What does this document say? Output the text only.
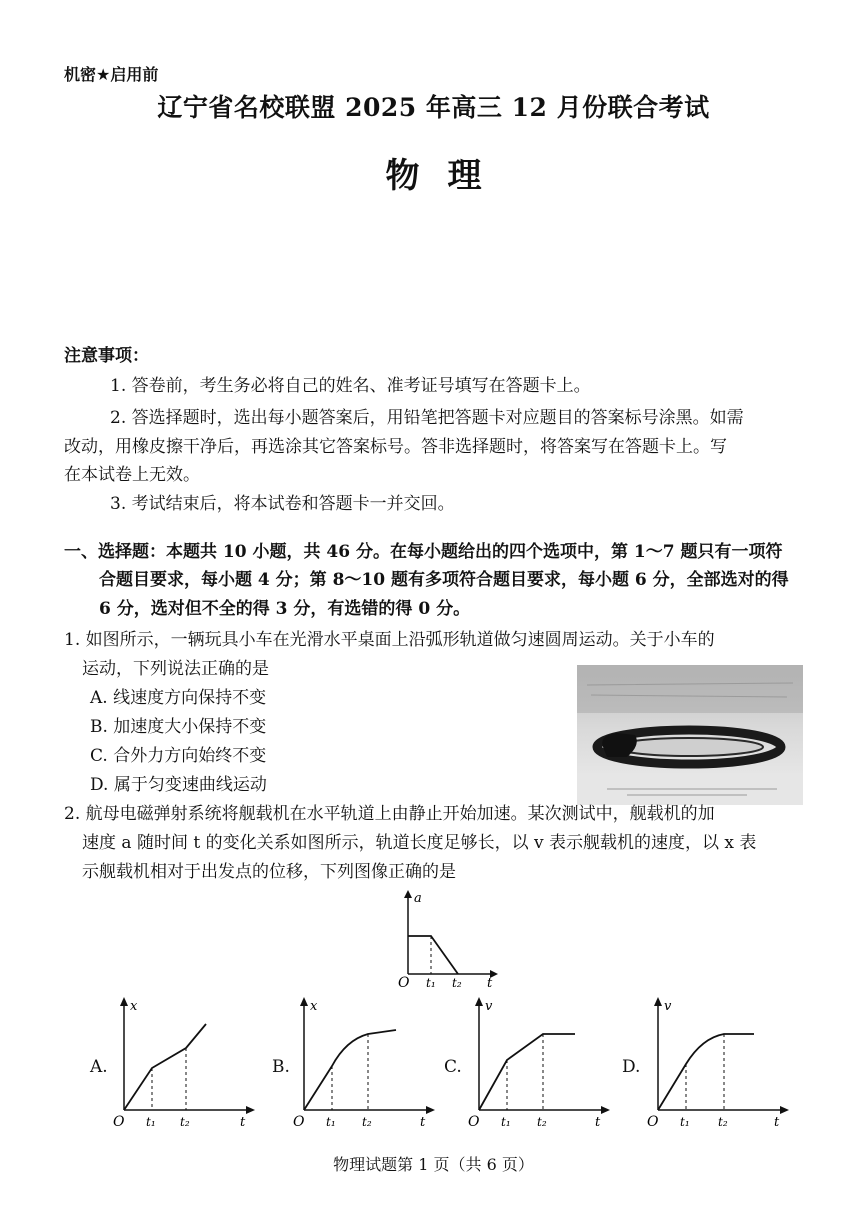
机密★启用前
辽宁省名校联盟 2025 年高三 12 月份联合考试
物理
注意事项：
1. 答卷前，考生务必将自己的姓名、准考证号填写在答题卡上。
2. 答选择题时，选出每小题答案后，用铅笔把答题卡对应题目的答案标号涂黑。如需
改动，用橡皮擦干净后，再选涂其它答案标号。答非选择题时，将答案写在答题卡上。写
在本试卷上无效。
3. 考试结束后，将本试卷和答题卡一并交回。
一、选择题：本题共 10 小题，共 46 分。在每小题给出的四个选项中，第 1～7 题只有一项符
合题目要求，每小题 4 分；第 8～10 题有多项符合题目要求，每小题 6 分，全部选对的得
6 分，选对但不全的得 3 分，有选错的得 0 分。
1. 如图所示，一辆玩具小车在光滑水平桌面上沿弧形轨道做匀速圆周运动。关于小车的
运动，下列说法正确的是
A. 线速度方向保持不变
B. 加速度大小保持不变
C. 合外力方向始终不变
D. 属于匀变速曲线运动
2. 航母电磁弹射系统将舰载机在水平轨道上由静止开始加速。某次测试中，舰载机的加
速度 a 随时间 t 的变化关系如图所示，轨道长度足够长，以 v 表示舰载机的速度，以 x 表
示舰载机相对于出发点的位移，下列图像正确的是
a
O t₁ t₂ t
A.
x
O t₁ t₂	t
B.
x
O t₁ t₂	t
C.
v
O t₁ t₂	t
D.
v
O t₁ t₂	t
物理试题第 1 页（共 6 页）
